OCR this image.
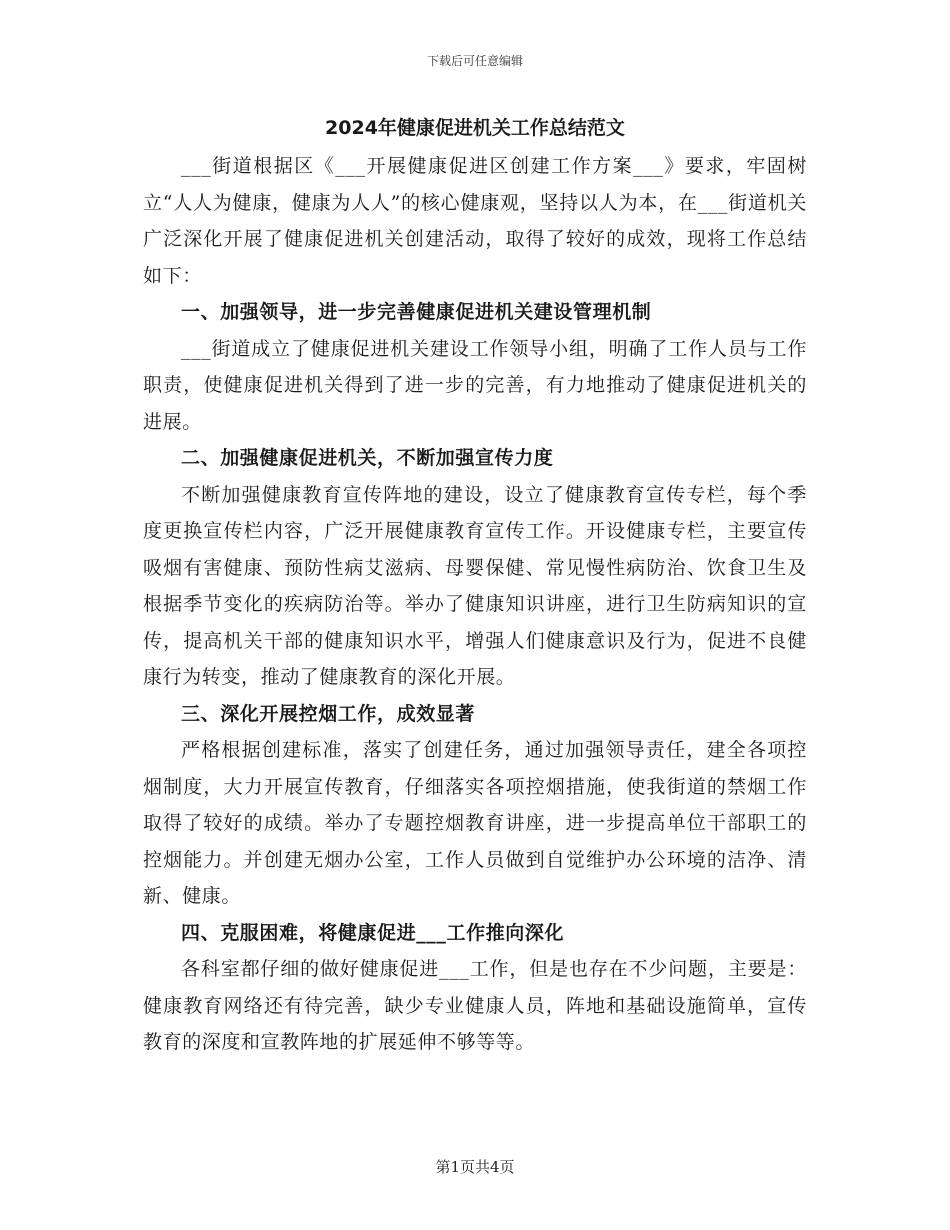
下载后可任意编辑
2024年健康促进机关工作总结范文

___街道根据区《___开展健康促进区创建工作方案___》要求，牢固树立“人人为健康，健康为人人”的核心健康观，坚持以人为本，在___街道机关广泛深化开展了健康促进机关创建活动，取得了较好的成效，现将工作总结如下：

一、加强领导，进一步完善健康促进机关建设管理机制

___街道成立了健康促进机关建设工作领导小组，明确了工作人员与工作职责，使健康促进机关得到了进一步的完善，有力地推动了健康促进机关的进展。

二、加强健康促进机关，不断加强宣传力度

不断加强健康教育宣传阵地的建设，设立了健康教育宣传专栏，每个季度更换宣传栏内容，广泛开展健康教育宣传工作。开设健康专栏，主要宣传吸烟有害健康、预防性病艾滋病、母婴保健、常见慢性病防治、饮食卫生及根据季节变化的疾病防治等。举办了健康知识讲座，进行卫生防病知识的宣传，提高机关干部的健康知识水平，增强人们健康意识及行为，促进不良健康行为转变，推动了健康教育的深化开展。

三、深化开展控烟工作，成效显著

严格根据创建标准，落实了创建任务，通过加强领导责任，建全各项控烟制度，大力开展宣传教育，仔细落实各项控烟措施，使我街道的禁烟工作取得了较好的成绩。举办了专题控烟教育讲座，进一步提高单位干部职工的控烟能力。并创建无烟办公室，工作人员做到自觉维护办公环境的洁净、清新、健康。

四、克服困难，将健康促进___工作推向深化

各科室都仔细的做好健康促进___工作，但是也存在不少问题，主要是：健康教育网络还有待完善，缺少专业健康人员，阵地和基础设施简单，宣传教育的深度和宣教阵地的扩展延伸不够等等。

第1页共4页
